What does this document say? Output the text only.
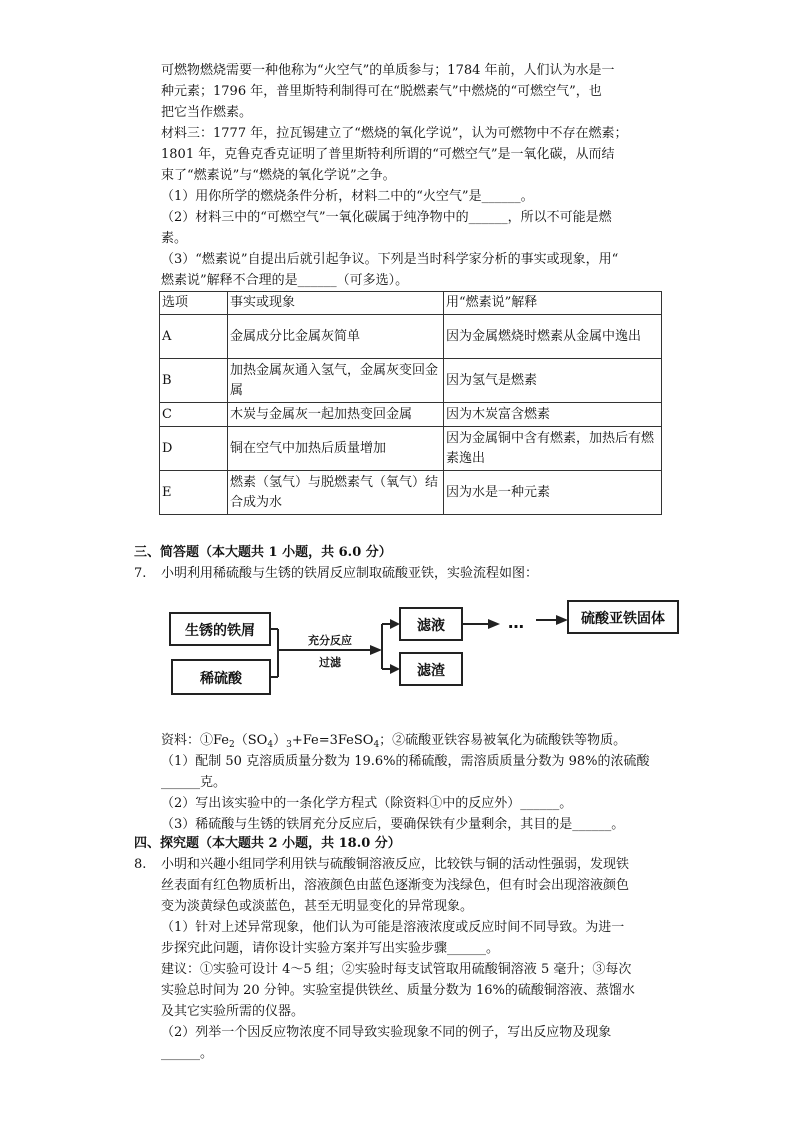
可燃物燃烧需要一种他称为“火空气”的单质参与；1784 年前，人们认为水是一
种元素；1796 年，普里斯特利制得可在“脱燃素气”中燃烧的“可燃空气”，也
把它当作燃素。
材料三：1777 年，拉瓦锡建立了“燃烧的氧化学说”，认为可燃物中不存在燃素；
1801 年，克鲁克香克证明了普里斯特利所谓的“可燃空气”是一氧化碳，从而结
束了“燃素说”与“燃烧的氧化学说”之争。
（1）用你所学的燃烧条件分析，材料二中的“火空气”是______。
（2）材料三中的“可燃空气”一氧化碳属于纯净物中的______，所以不可能是燃
素。
（3）“燃素说”自提出后就引起争议。下列是当时科学家分析的事实或现象，用“
燃素说”解释不合理的是______（可多选）。
选项	事实或现象	用“燃素说”解释
A	金属成分比金属灰简单	因为金属燃烧时燃素从金属中逸出
B	加热金属灰通入氢气，金属灰变回金属	因为氢气是燃素
C	木炭与金属灰一起加热变回金属	因为木炭富含燃素
D	铜在空气中加热后质量增加	因为金属铜中含有燃素，加热后有燃素逸出
E	燃素（氢气）与脱燃素气（氧气）结合成为水	因为水是一种元素
三、简答题（本大题共 1 小题，共 6.0 分）
7. 小明利用稀硫酸与生锈的铁屑反应制取硫酸亚铁，实验流程如图：
生锈的铁屑
稀硫酸
滤液
滤渣
硫酸亚铁固体
充分反应
过滤
…
资料：$①Fe_2(SO_4)_3+Fe=3FeSO_4$；②硫酸亚铁容易被氧化为硫酸铁等物质。
（1）配制 50 克溶质质量分数为 19.6%的稀硫酸，需溶质质量分数为 98%的浓硫酸
______克。
（2）写出该实验中的一条化学方程式（除资料①中的反应外）______。
（3）稀硫酸与生锈的铁屑充分反应后，要确保铁有少量剩余，其目的是______。
四、探究题（本大题共 2 小题，共 18.0 分）
8. 小明和兴趣小组同学利用铁与硫酸铜溶液反应，比较铁与铜的活动性强弱，发现铁
丝表面有红色物质析出，溶液颜色由蓝色逐渐变为浅绿色，但有时会出现溶液颜色
变为淡黄绿色或淡蓝色，甚至无明显变化的异常现象。
（1）针对上述异常现象，他们认为可能是溶液浓度或反应时间不同导致。为进一
步探究此问题，请你设计实验方案并写出实验步骤______。
建议：①实验可设计 4～5 组；②实验时每支试管取用硫酸铜溶液 5 毫升；③每次
实验总时间为 20 分钟。实验室提供铁丝、质量分数为 16%的硫酸铜溶液、蒸馏水
及其它实验所需的仪器。
（2）列举一个因反应物浓度不同导致实验现象不同的例子，写出反应物及现象
______。
